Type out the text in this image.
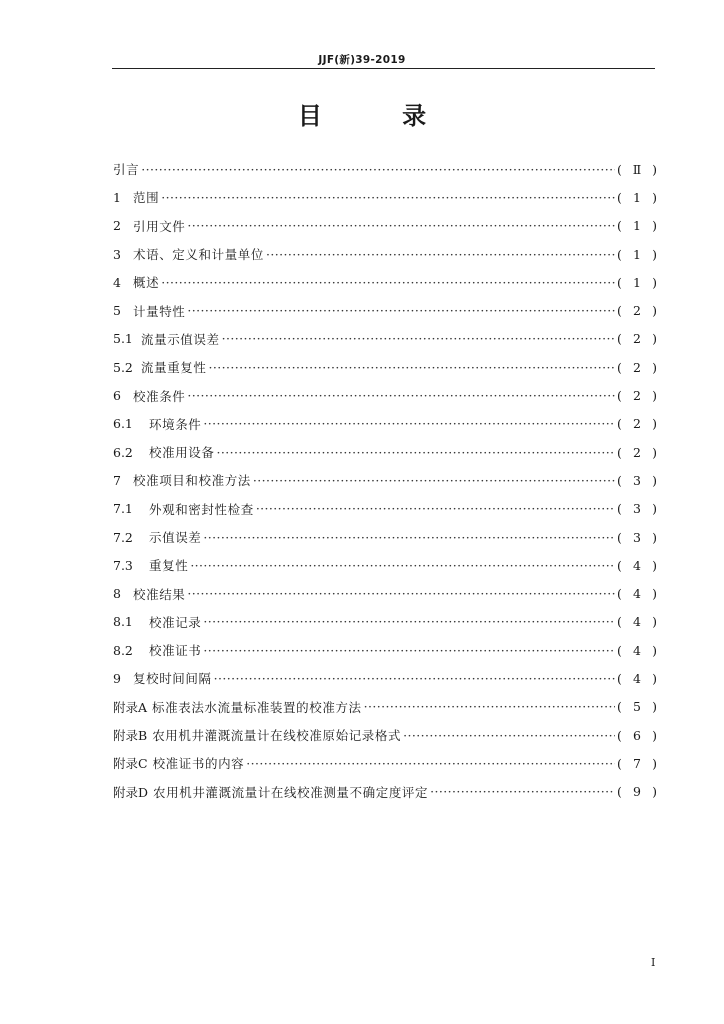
JJF(新)39-2019
目 录
引言 ·····	( Ⅱ )
1 范围 ·····	( 1 )
2 引用文件 ·····	( 1 )
3 术语、定义和计量单位 ·····	( 1 )
4 概述 ·····	( 1 )
5 计量特性 ·····	( 2 )
5.1 流量示值误差 ·····	( 2 )
5.2 流量重复性 ·····	( 2 )
6 校准条件 ·····	( 2 )
6.1	环境条件 ·····	( 2 )
6.2	校准用设备 ·····	( 2 )
7 校准项目和校准方法 ·····	( 3 )
7.1	外观和密封性检查 ·····	( 3 )
7.2	示值误差 ·····	( 3 )
7.3	重复性 ·····	( 4 )
8 校准结果 ·····	( 4 )
8.1	校准记录 ·····	( 4 )
8.2	校准证书 ·····	( 4 )
9 复校时间间隔 ·····	( 4 )
附录A 标准表法水流量标准装置的校准方法 ·····	( 5 )
附录B 农用机井灌溉流量计在线校准原始记录格式 ·····	( 6 )
附录C 校准证书的内容 ·····	( 7 )
附录D 农用机井灌溉流量计在线校准测量不确定度评定 ·····	( 9 )
Ⅰ
